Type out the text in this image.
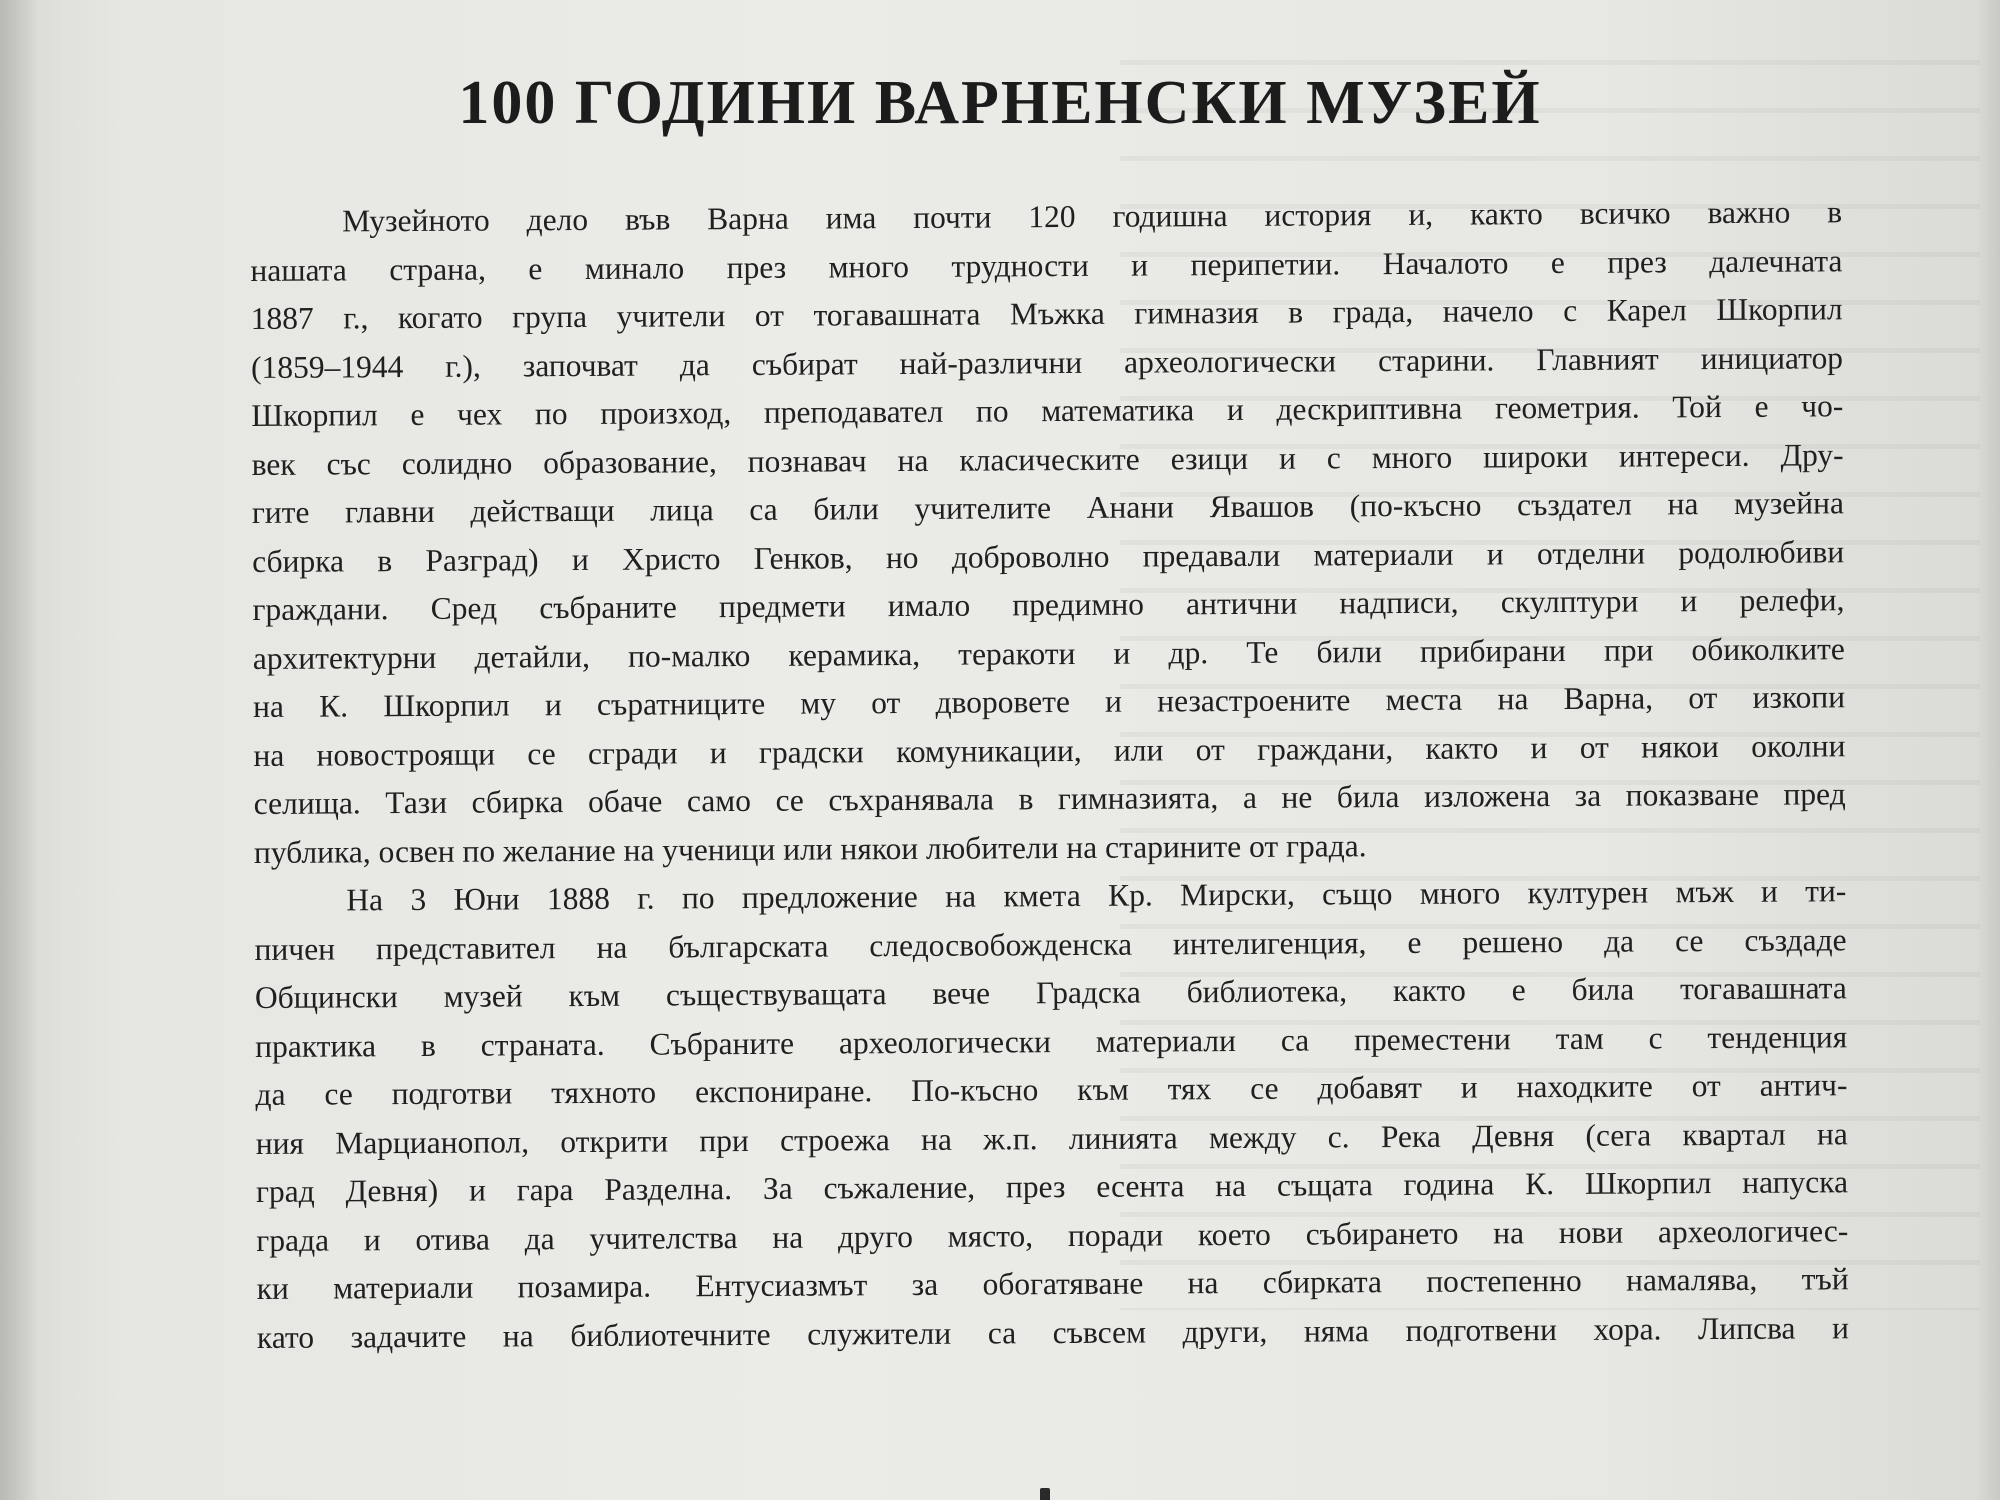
100 ГОДИНИ ВАРНЕНСКИ МУЗЕЙ
Музейното дело във Варна има почти 120 годишна история и, както всичко важно в
нашата страна, е минало през много трудности и перипетии. Началото е през далечната
1887 г., когато група учители от тогавашната Мъжка гимназия в града, начело с Карел Шкорпил
(1859–1944 г.), започват да събират най-различни археологически старини. Главният инициатор
Шкорпил е чех по произход, преподавател по математика и дескриптивна геометрия. Той е чо-
век със солидно образование, познавач на класическите езици и с много широки интереси. Дру-
гите главни действащи лица са били учителите Анани Явашов (по-късно създател на музейна
сбирка в Разград) и Христо Генков, но доброволно предавали материали и отделни родолюбиви
граждани. Сред събраните предмети имало предимно антични надписи, скулптури и релефи,
архитектурни детайли, по-малко керамика, теракоти и др. Те били прибирани при обиколките
на К. Шкорпил и съратниците му от дворовете и незастроените места на Варна, от изкопи
на новостроящи се сгради и градски комуникации, или от граждани, както и от някои околни
селища. Тази сбирка обаче само се съхранявала в гимназията, а не била изложена за показване пред
публика, освен по желание на ученици или някои любители на старините от града.
На 3 Юни 1888 г. по предложение на кмета Кр. Мирски, също много културен мъж и ти-
пичен представител на българската следосвобожденска интелигенция, е решено да се създаде
Общински музей към съществуващата вече Градска библиотека, както е била тогавашната
практика в страната. Събраните археологически материали са преместени там с тенденция
да се подготви тяхното експониране. По-късно към тях се добавят и находките от антич-
ния Марцианопол, открити при строежа на ж.п. линията между с. Река Девня (сега квартал на
град Девня) и гара Разделна. За съжаление, през есента на същата година К. Шкорпил напуска
града и отива да учителства на друго място, поради което събирането на нови археологичес-
ки материали позамира. Ентусиазмът за обогатяване на сбирката постепенно намалява, тъй
като задачите на библиотечните служители са съвсем други, няма подготвени хора. Липсва и
